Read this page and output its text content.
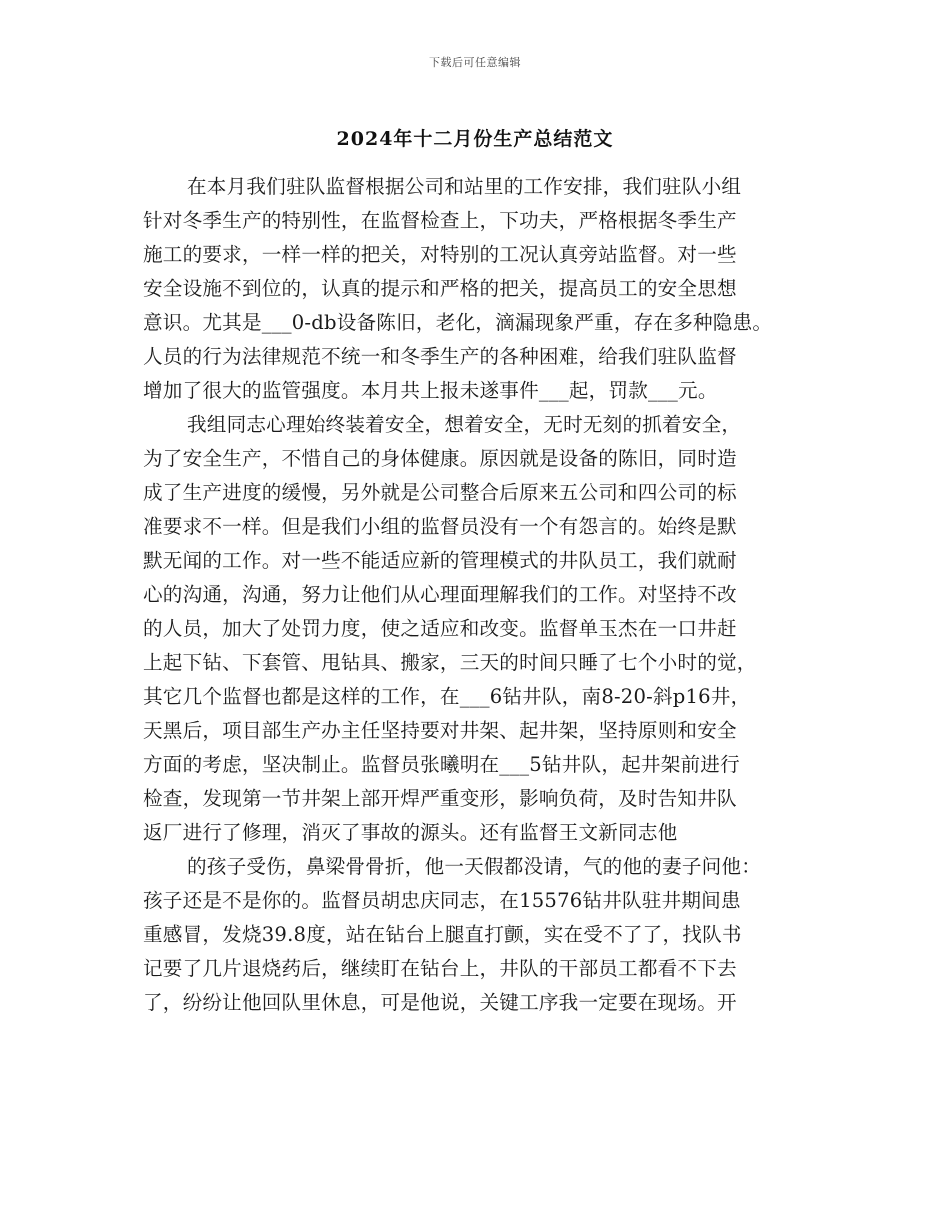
下载后可任意编辑
2024年十二月份生产总结范文
在本月我们驻队监督根据公司和站里的工作安排，我们驻队小组
针对冬季生产的特别性，在监督检查上，下功夫，严格根据冬季生产
施工的要求，一样一样的把关，对特别的工况认真旁站监督。对一些
安全设施不到位的，认真的提示和严格的把关，提高员工的安全思想
意识。尤其是___0-db设备陈旧，老化，滴漏现象严重，存在多种隐患。
人员的行为法律规范不统一和冬季生产的各种困难，给我们驻队监督
增加了很大的监管强度。本月共上报未遂事件___起，罚款___元。
我组同志心理始终装着安全，想着安全，无时无刻的抓着安全，
为了安全生产，不惜自己的身体健康。原因就是设备的陈旧，同时造
成了生产进度的缓慢，另外就是公司整合后原来五公司和四公司的标
准要求不一样。但是我们小组的监督员没有一个有怨言的。始终是默
默无闻的工作。对一些不能适应新的管理模式的井队员工，我们就耐
心的沟通，沟通，努力让他们从心理面理解我们的工作。对坚持不改
的人员，加大了处罚力度，使之适应和改变。监督单玉杰在一口井赶
上起下钻、下套管、甩钻具、搬家，三天的时间只睡了七个小时的觉，
其它几个监督也都是这样的工作，在___6钻井队，南8-20-斜p16井，
天黑后，项目部生产办主任坚持要对井架、起井架，坚持原则和安全
方面的考虑，坚决制止。监督员张曦明在___5钻井队，起井架前进行
检查，发现第一节井架上部开焊严重变形，影响负荷，及时告知井队
返厂进行了修理，消灭了事故的源头。还有监督王文新同志他
的孩子受伤，鼻梁骨骨折，他一天假都没请，气的他的妻子问他：
孩子还是不是你的。监督员胡忠庆同志，在15576钻井队驻井期间患
重感冒，发烧39.8度，站在钻台上腿直打颤，实在受不了了，找队书
记要了几片退烧药后，继续盯在钻台上，井队的干部员工都看不下去
了，纷纷让他回队里休息，可是他说，关键工序我一定要在现场。开
